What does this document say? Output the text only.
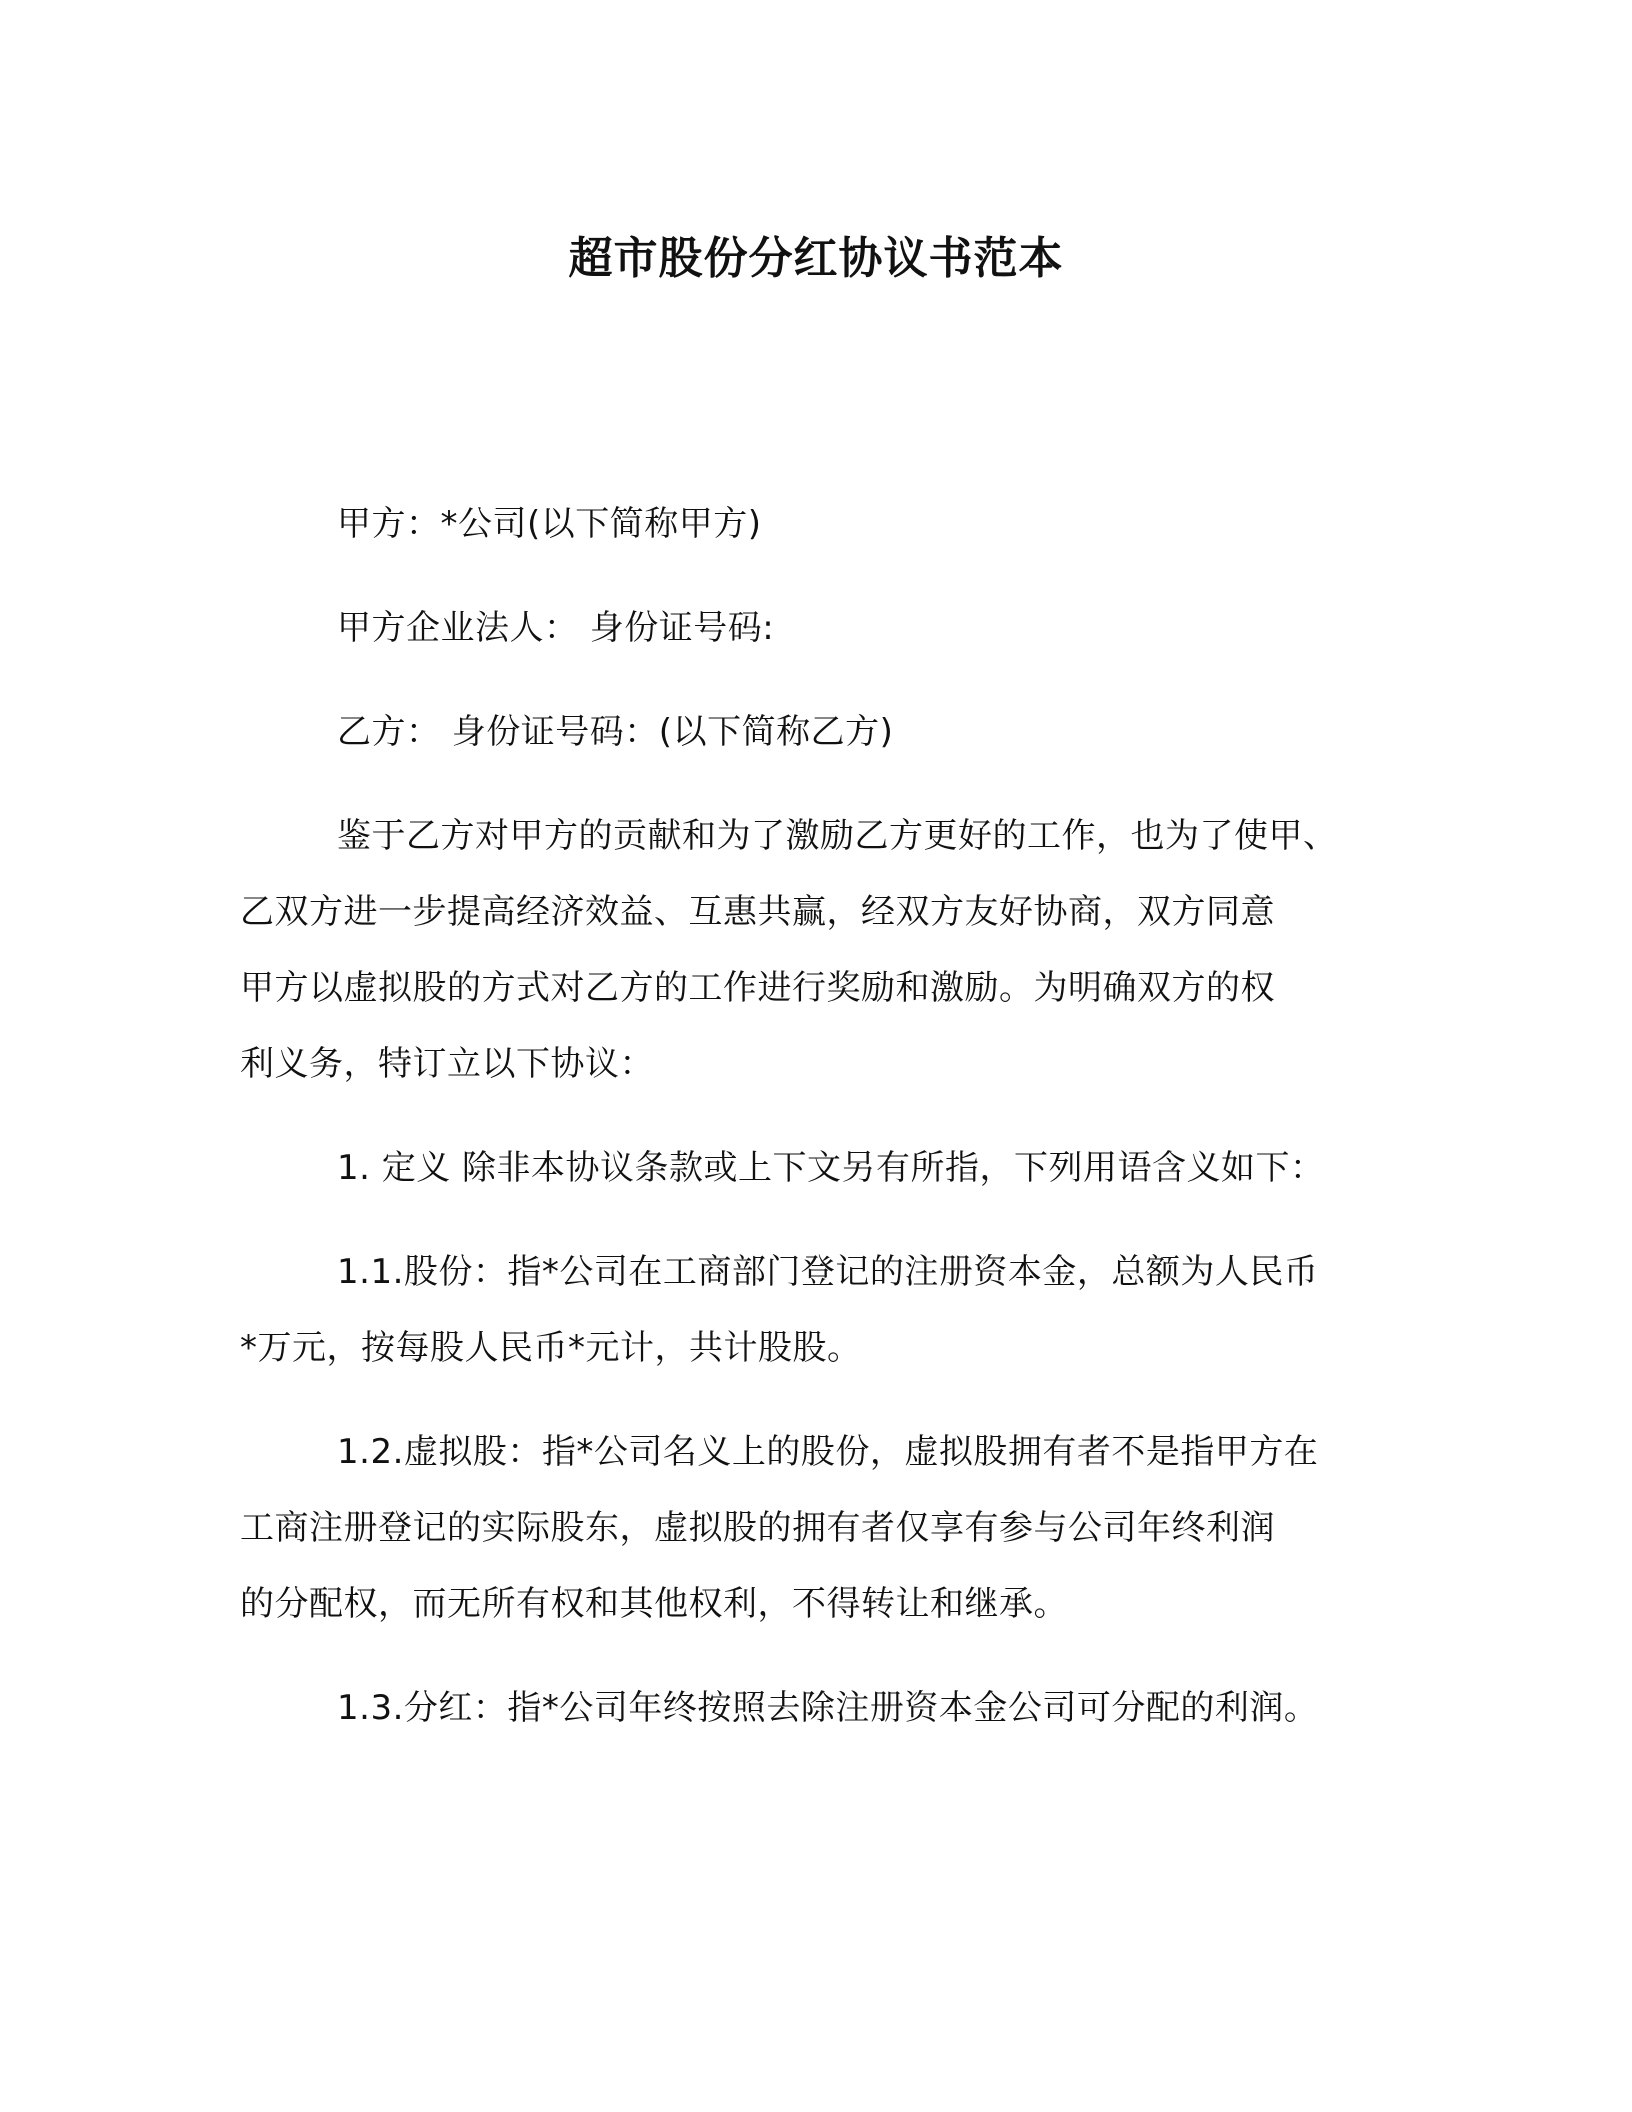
超市股份分红协议书范本
甲方：*公司(以下简称甲方)
甲方企业法人： 身份证号码:
乙方： 身份证号码：(以下简称乙方)
鉴于乙方对甲方的贡献和为了激励乙方更好的工作，也为了使甲、
乙双方进一步提高经济效益、互惠共赢，经双方友好协商，双方同意
甲方以虚拟股的方式对乙方的工作进行奖励和激励。为明确双方的权
利义务，特订立以下协议：
1. 定义 除非本协议条款或上下文另有所指，下列用语含义如下：
1.1.股份：指*公司在工商部门登记的注册资本金，总额为人民币
*万元，按每股人民币*元计，共计股股。
1.2.虚拟股：指*公司名义上的股份，虚拟股拥有者不是指甲方在
工商注册登记的实际股东，虚拟股的拥有者仅享有参与公司年终利润
的分配权，而无所有权和其他权利，不得转让和继承。
1.3.分红：指*公司年终按照去除注册资本金公司可分配的利润。
